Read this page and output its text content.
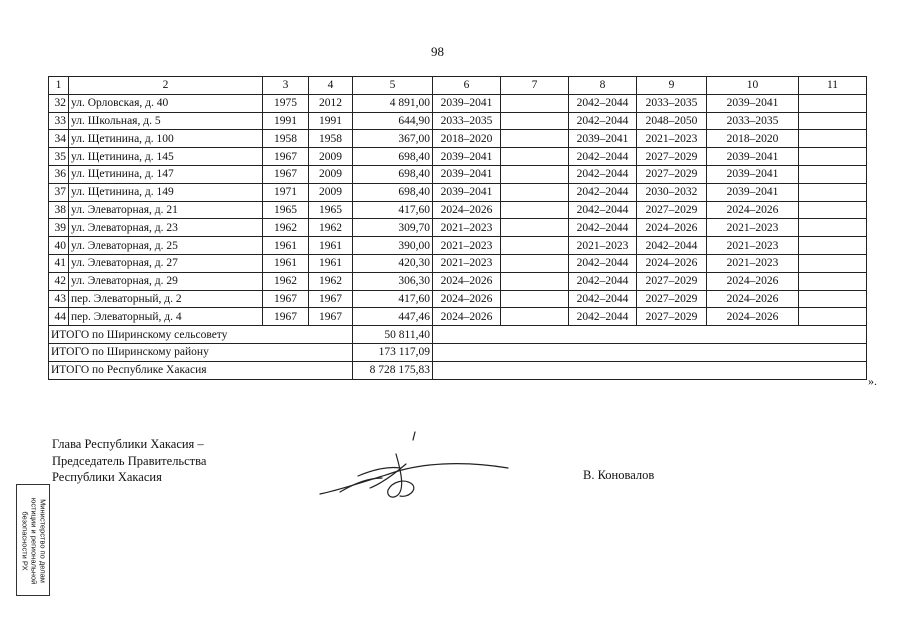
98
1	2	3	4	5	6	7	8	9	10	11
32	ул. Орловская, д. 40	1975	2012	4 891,00	2039–2041		2042–2044	2033–2035	2039–2041	
33	ул. Школьная, д. 5	1991	1991	644,90	2033–2035		2042–2044	2048–2050	2033–2035	
34	ул. Щетинина, д. 100	1958	1958	367,00	2018–2020		2039–2041	2021–2023	2018–2020	
35	ул. Щетинина, д. 145	1967	2009	698,40	2039–2041		2042–2044	2027–2029	2039–2041	
36	ул. Щетинина, д. 147	1967	2009	698,40	2039–2041		2042–2044	2027–2029	2039–2041	
37	ул. Щетинина, д. 149	1971	2009	698,40	2039–2041		2042–2044	2030–2032	2039–2041	
38	ул. Элеваторная, д. 21	1965	1965	417,60	2024–2026		2042–2044	2027–2029	2024–2026	
39	ул. Элеваторная, д. 23	1962	1962	309,70	2021–2023		2042–2044	2024–2026	2021–2023	
40	ул. Элеваторная, д. 25	1961	1961	390,00	2021–2023		2021–2023	2042–2044	2021–2023	
41	ул. Элеваторная, д. 27	1961	1961	420,30	2021–2023		2042–2044	2024–2026	2021–2023	
42	ул. Элеваторная, д. 29	1962	1962	306,30	2024–2026		2042–2044	2027–2029	2024–2026	
43	пер. Элеваторный, д. 2	1967	1967	417,60	2024–2026		2042–2044	2027–2029	2024–2026	
44	пер. Элеваторный, д. 4	1967	1967	447,46	2024–2026		2042–2044	2027–2029	2024–2026	
ИТОГО по Ширинскому сельсовету				50 811,40						
ИТОГО по Ширинскому району				173 117,09						
ИТОГО по Республике Хакасия				8 728 175,83						
».
Глава Республики Хакасия –
Председатель Правительства
Республики Хакасия	В. Коновалов
Министерство по делам
юстиции и региональной
безопасности РХ
